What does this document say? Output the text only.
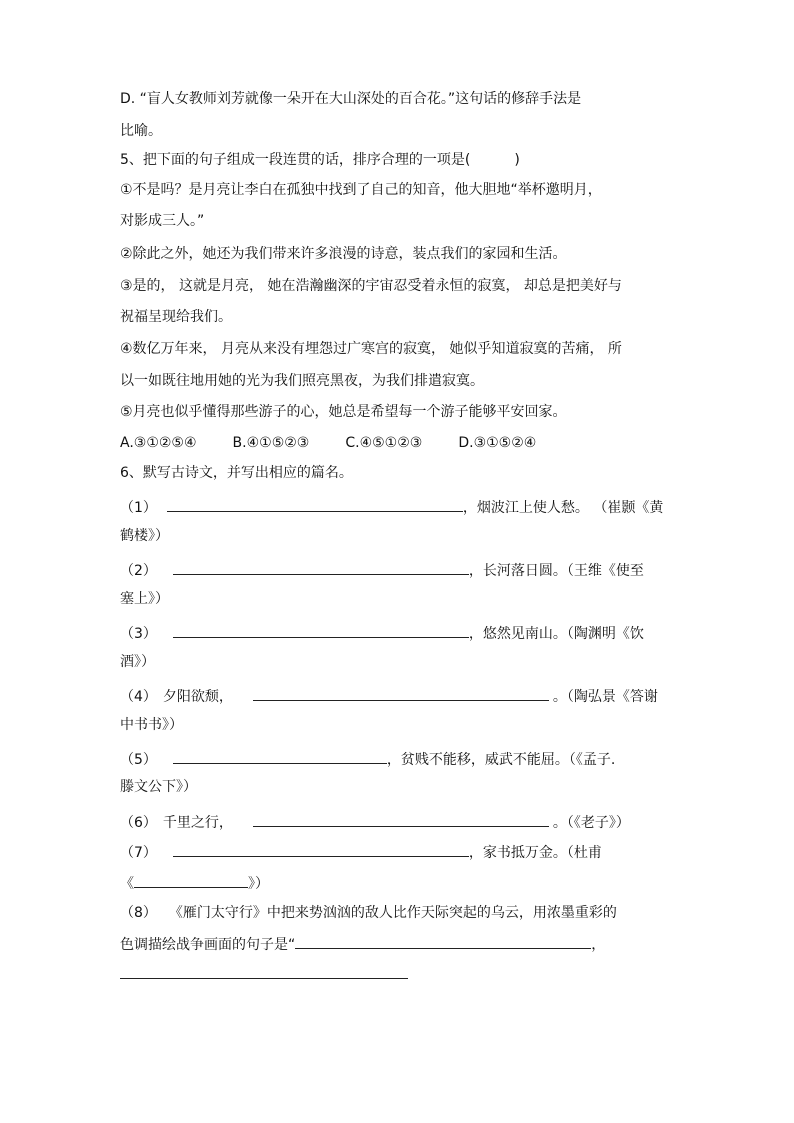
D. “盲人女教师刘芳就像一朵开在大山深处的百合花。”这句话的修辞手法是
比喻。
5、把下面的句子组成一段连贯的话，排序合理的一项是(	)
①不是吗？是月亮让李白在孤独中找到了自己的知音，他大胆地“举杯邀明月，
对影成三人。”
②除此之外，她还为我们带来许多浪漫的诗意，装点我们的家园和生活。
③是的， 这就是月亮， 她在浩瀚幽深的宇宙忍受着永恒的寂寞， 却总是把美好与
祝福呈现给我们。
④数亿万年来， 月亮从来没有埋怨过广寒宫的寂寞， 她似乎知道寂寞的苦痛， 所
以一如既往地用她的光为我们照亮黑夜，为我们排遣寂寞。
⑤月亮也似乎懂得那些游子的心，她总是希望每一个游子能够平安回家。
A.③①②⑤④	B.④①⑤②③	C.④⑤①②③	D.③①⑤②④
6、默写古诗文，并写出相应的篇名。
（1）	，烟波江上使人愁。 （崔颢《黄
鹤楼》）
（2）	，长河落日圆。（王维《使至
塞上》）
（3）	，悠然见南山。（陶渊明《饮
酒》）
（4） 夕阳欲颓，	。（陶弘景《答谢
中书书》）
（5）	，贫贱不能移，威武不能屈。（《孟子.
滕文公下》）
（6） 千里之行，	。（《老子》）
（7）	，家书抵万金。（杜甫
《	》）
（8） 《雁门太守行》中把来势汹汹的敌人比作天际突起的乌云，用浓墨重彩的
色调描绘战争画面的句子是“	，
